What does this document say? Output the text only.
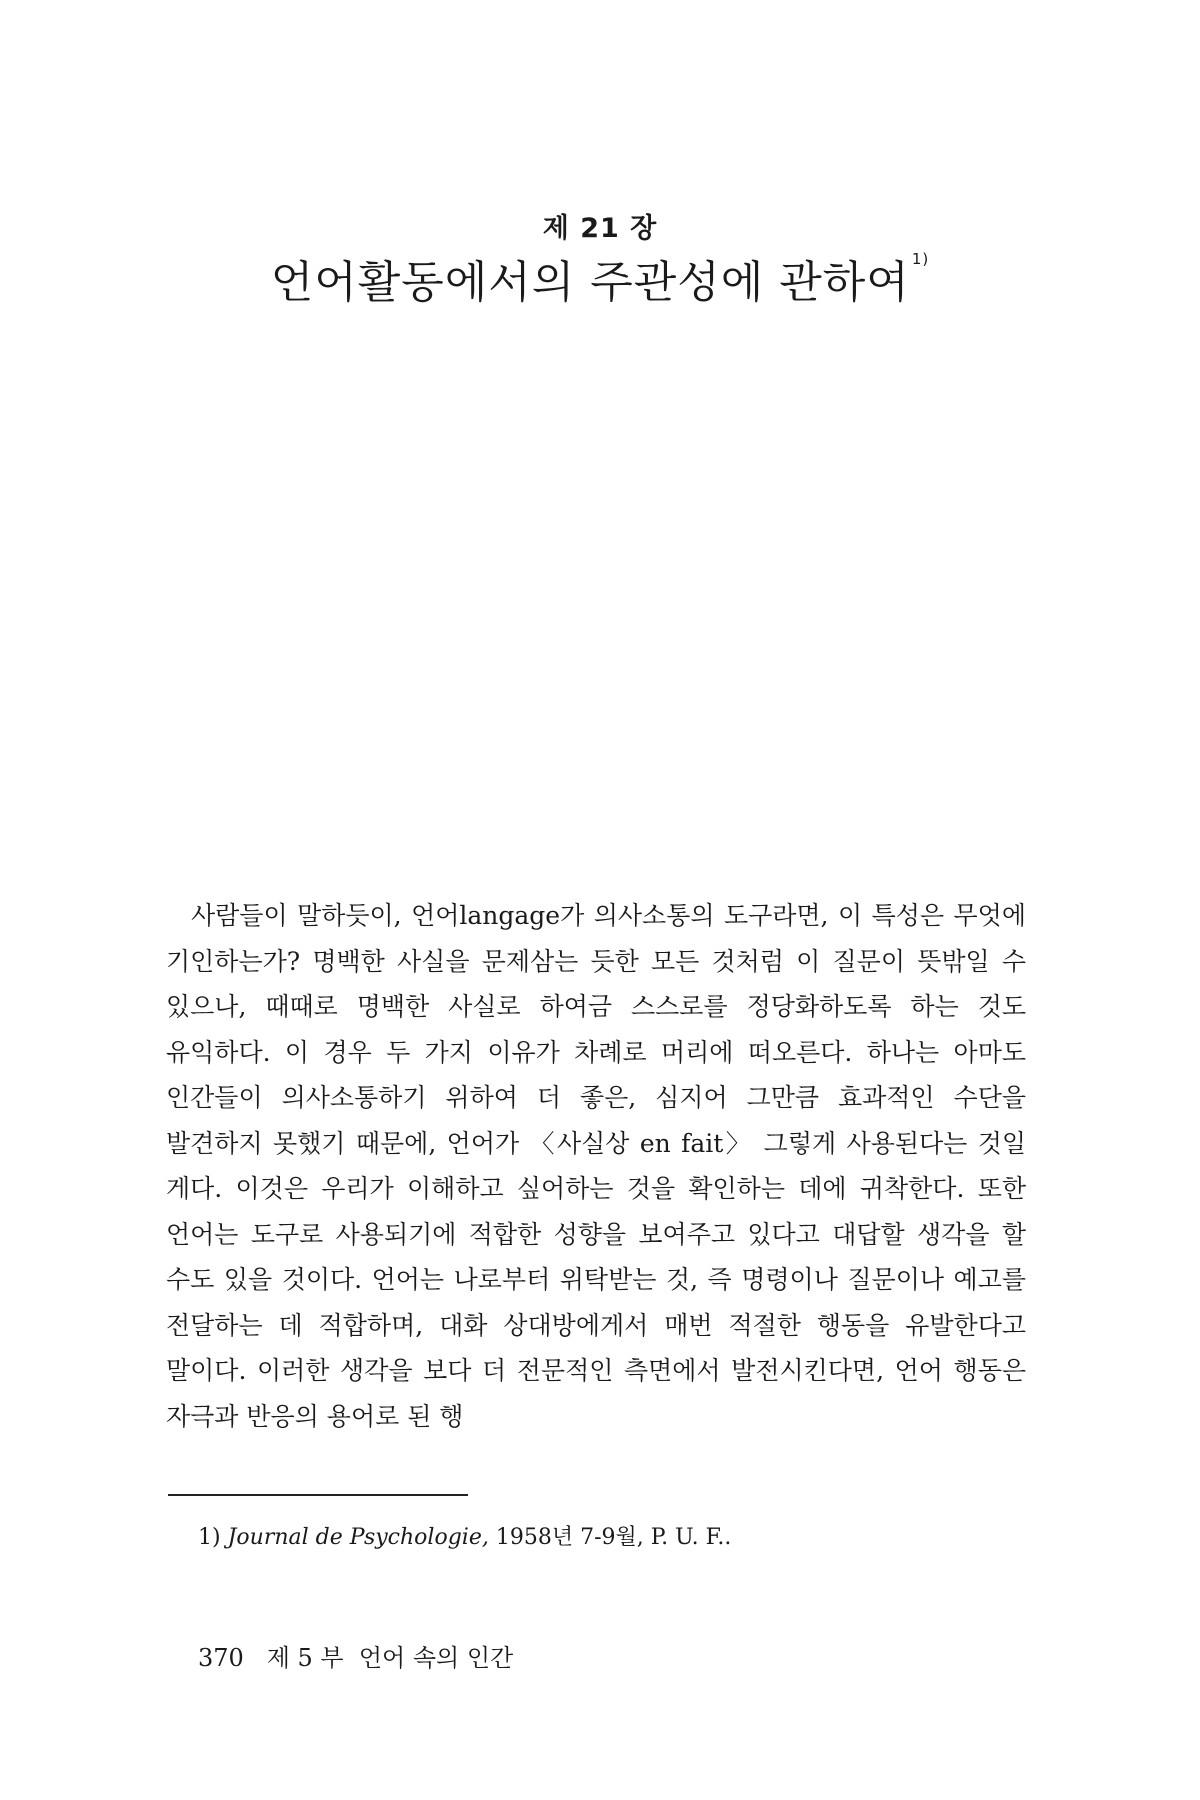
제 21 장
언어활동에서의 주관성에 관하여 $^{1)}$

사람들이 말하듯이, 언어langage가 의사소통의 도구라면, 이 특성은 무엇에 기인하는가? 명백한 사실을 문제삼는 듯한 모든 것처럼 이 질문이 뜻밖일 수 있으나, 때때로 명백한 사실로 하여금 스스로를 정당화하도록 하는 것도 유익하다. 이 경우 두 가지 이유가 차례로 머리에 떠오른다. 하나는 아마도 인간들이 의사소통하기 위하여 더 좋은, 심지어 그만큼 효과적인 수단을 발견하지 못했기 때문에, 언어가 〈사실상 en fait〉 그렇게 사용된다는 것일 게다. 이것은 우리가 이해하고 싶어하는 것을 확인하는 데에 귀착한다. 또한 언어는 도구로 사용되기에 적합한 성향을 보여주고 있다고 대답할 생각을 할 수도 있을 것이다. 언어는 나로부터 위탁받는 것, 즉 명령이나 질문이나 예고를 전달하는 데 적합하며, 대화 상대방에게서 매번 적절한 행동을 유발한다고 말이다. 이러한 생각을 보다 더 전문적인 측면에서 발전시킨다면, 언어 행동은 자극과 반응의 용어로 된 행

1) Journal de Psychologie, 1958년 7-9월, P. U. F..
370 제 5 부 언어 속의 인간
